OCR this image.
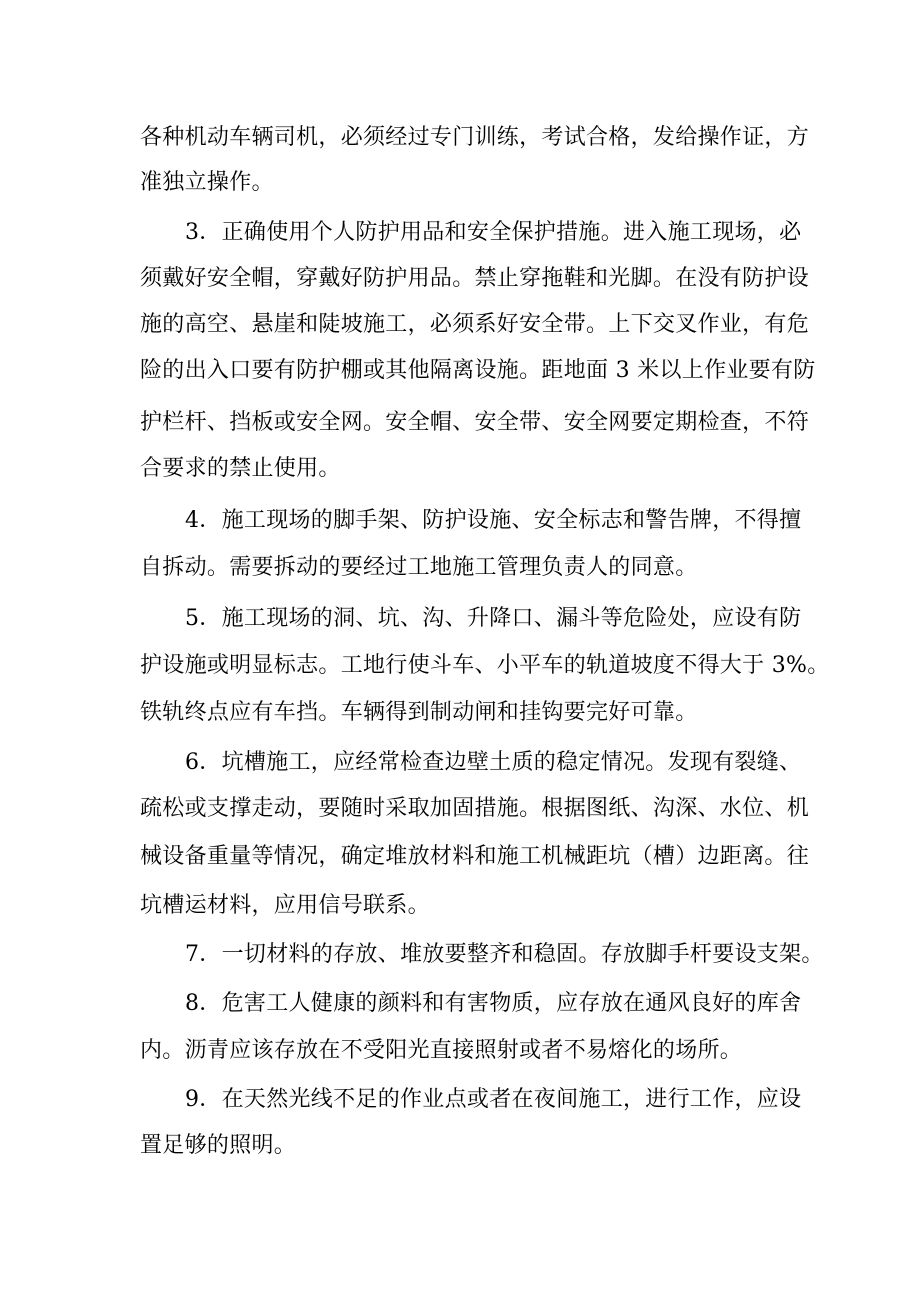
各种机动车辆司机，必须经过专门训练，考试合格，发给操作证，方

准独立操作。

3．正确使用个人防护用品和安全保护措施。进入施工现场，必

须戴好安全帽，穿戴好防护用品。禁止穿拖鞋和光脚。在没有防护设

施的高空、悬崖和陡坡施工，必须系好安全带。上下交叉作业，有危

险的出入口要有防护棚或其他隔离设施。距地面 3 米以上作业要有防

护栏杆、挡板或安全网。安全帽、安全带、安全网要定期检查，不符

合要求的禁止使用。

4．施工现场的脚手架、防护设施、安全标志和警告牌，不得擅

自拆动。需要拆动的要经过工地施工管理负责人的同意。

5．施工现场的洞、坑、沟、升降口、漏斗等危险处，应设有防

护设施或明显标志。工地行使斗车、小平车的轨道坡度不得大于 3%。

铁轨终点应有车挡。车辆得到制动闸和挂钩要完好可靠。

6．坑槽施工，应经常检查边壁土质的稳定情况。发现有裂缝、

疏松或支撑走动，要随时采取加固措施。根据图纸、沟深、水位、机

械设备重量等情况，确定堆放材料和施工机械距坑（槽）边距离。往

坑槽运材料，应用信号联系。

7．一切材料的存放、堆放要整齐和稳固。存放脚手杆要设支架。

8．危害工人健康的颜料和有害物质，应存放在通风良好的库舍

内。沥青应该存放在不受阳光直接照射或者不易熔化的场所。

9．在天然光线不足的作业点或者在夜间施工，进行工作，应设

置足够的照明。
